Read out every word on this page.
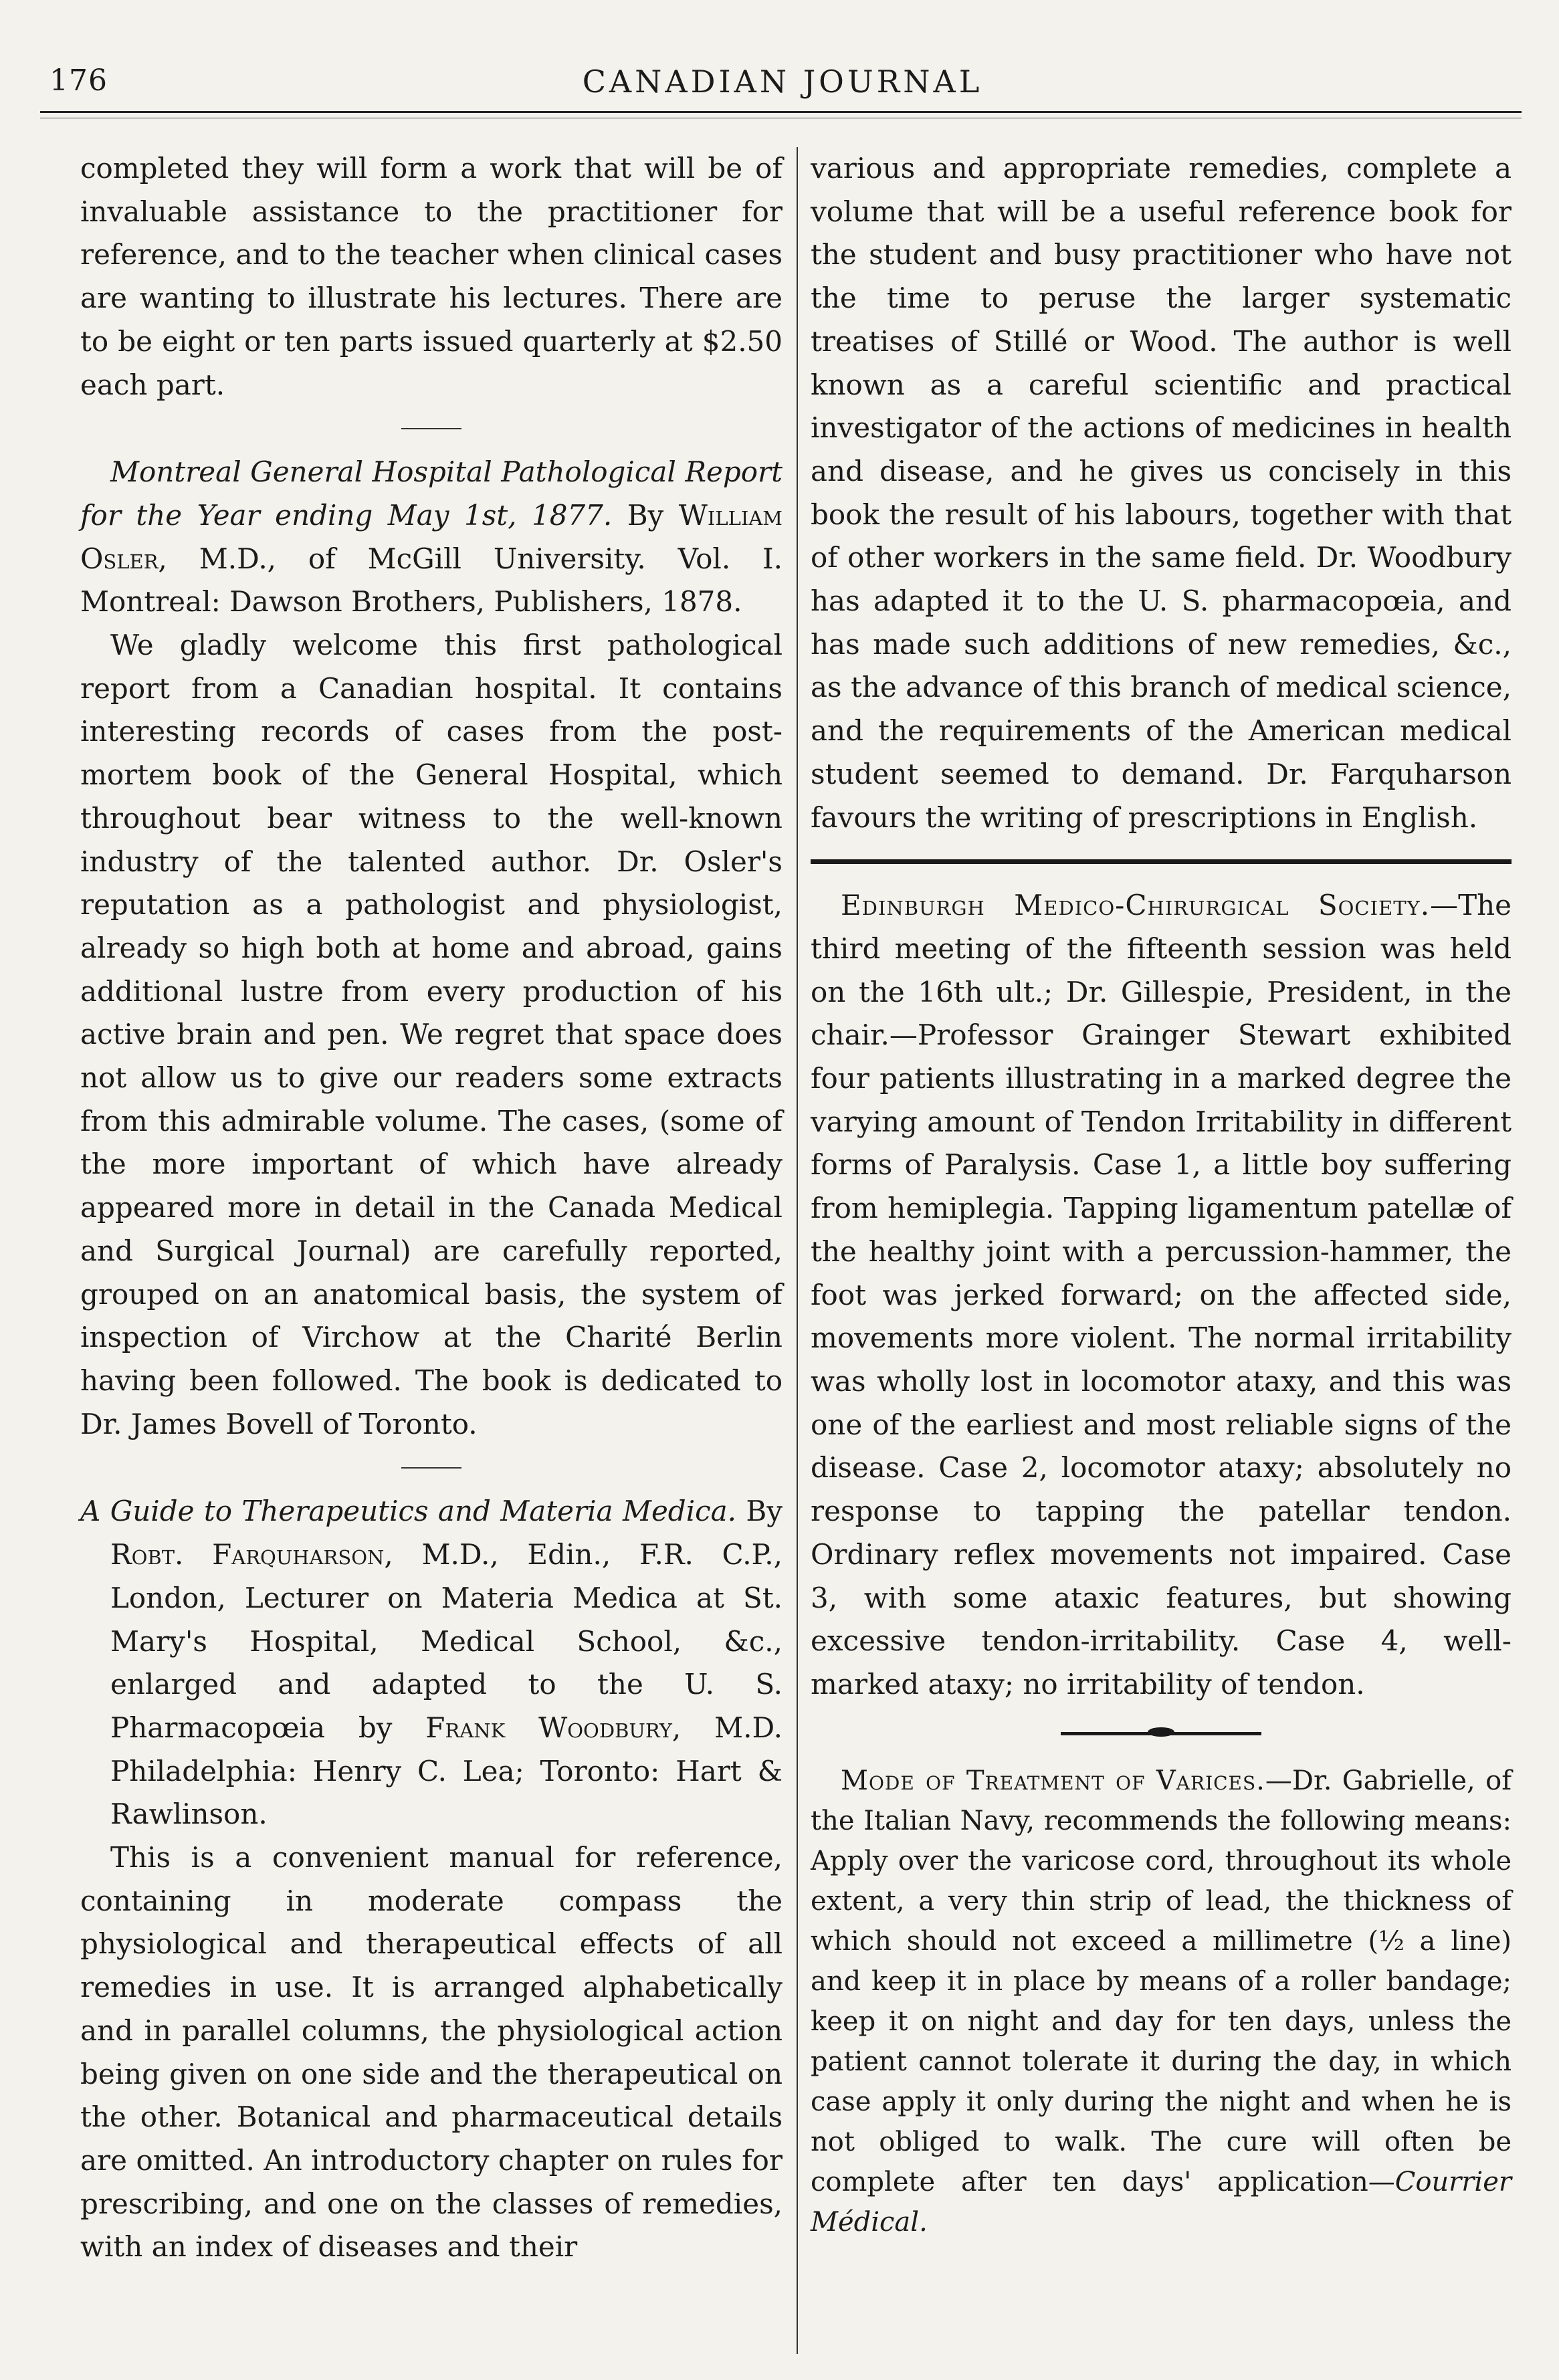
176	CANADIAN JOURNAL

completed they will form a work that will be of invaluable assistance to the practitioner for reference, and to the teacher when clinical cases are wanting to illustrate his lectures. There are to be eight or ten parts issued quarterly at $2.50 each part.

Montreal General Hospital Pathological Report for the Year ending May 1st, 1877. By William Osler, M.D., of McGill University. Vol. I. Montreal: Dawson Brothers, Publishers, 1878.

We gladly welcome this first pathological report from a Canadian hospital. It contains interesting records of cases from the post-mortem book of the General Hospital, which throughout bear witness to the well-known industry of the talented author. Dr. Osler's reputation as a pathologist and physiologist, already so high both at home and abroad, gains additional lustre from every production of his active brain and pen. We regret that space does not allow us to give our readers some extracts from this admirable volume. The cases, (some of the more important of which have already appeared more in detail in the Canada Medical and Surgical Journal) are carefully reported, grouped on an anatomical basis, the system of inspection of Virchow at the Charité Berlin having been followed. The book is dedicated to Dr. James Bovell of Toronto.

A Guide to Therapeutics and Materia Medica. By Robt. Farquharson, M.D., Edin., F.R. C.P., London, Lecturer on Materia Medica at St. Mary's Hospital, Medical School, &c., enlarged and adapted to the U. S. Pharmacopœia by Frank Woodbury, M.D. Philadelphia: Henry C. Lea; Toronto: Hart & Rawlinson.

This is a convenient manual for reference, containing in moderate compass the physiological and therapeutical effects of all remedies in use. It is arranged alphabetically and in parallel columns, the physiological action being given on one side and the therapeutical on the other. Botanical and pharmaceutical details are omitted. An introductory chapter on rules for prescribing, and one on the classes of remedies, with an index of diseases and their

various and appropriate remedies, complete a volume that will be a useful reference book for the student and busy practitioner who have not the time to peruse the larger systematic treatises of Stillé or Wood. The author is well known as a careful scientific and practical investigator of the actions of medicines in health and disease, and he gives us concisely in this book the result of his labours, together with that of other workers in the same field. Dr. Woodbury has adapted it to the U. S. pharmacopœia, and has made such additions of new remedies, &c., as the advance of this branch of medical science, and the requirements of the American medical student seemed to demand. Dr. Farquharson favours the writing of prescriptions in English.

Edinburgh Medico-Chirurgical Society.—The third meeting of the fifteenth session was held on the 16th ult.; Dr. Gillespie, President, in the chair.—Professor Grainger Stewart exhibited four patients illustrating in a marked degree the varying amount of Tendon Irritability in different forms of Paralysis. Case 1, a little boy suffering from hemiplegia. Tapping ligamentum patellæ of the healthy joint with a percussion-hammer, the foot was jerked forward; on the affected side, movements more violent. The normal irritability was wholly lost in locomotor ataxy, and this was one of the earliest and most reliable signs of the disease. Case 2, locomotor ataxy; absolutely no response to tapping the patellar tendon. Ordinary reflex movements not impaired. Case 3, with some ataxic features, but showing excessive tendon-irritability. Case 4, well-marked ataxy; no irritability of tendon.

Mode of Treatment of Varices.—Dr. Gabrielle, of the Italian Navy, recommends the following means: Apply over the varicose cord, throughout its whole extent, a very thin strip of lead, the thickness of which should not exceed a millimetre (½ a line) and keep it in place by means of a roller bandage; keep it on night and day for ten days, unless the patient cannot tolerate it during the day, in which case apply it only during the night and when he is not obliged to walk. The cure will often be complete after ten days' application—Courrier Médical.
